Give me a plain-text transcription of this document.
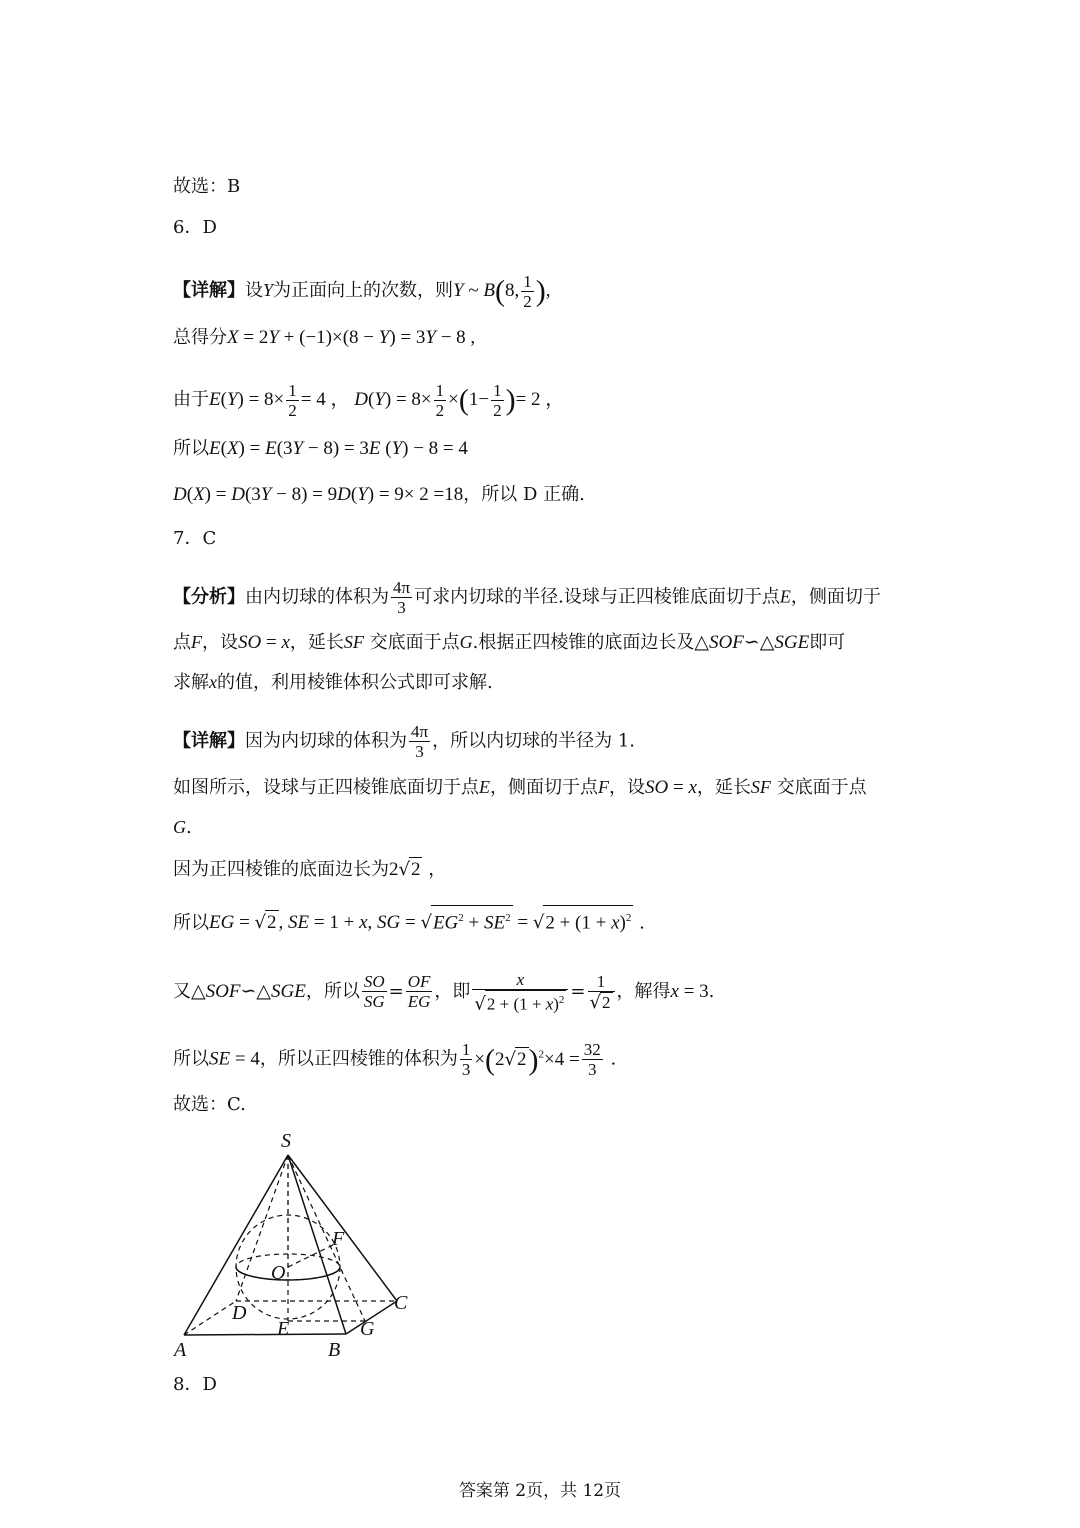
故选：B
6．D
【详解】设Y为正面向上的次数，则Y ~ B(8, $\frac{1}{2}$ ),
总得分X = 2Y + (−1)×(8 − Y) = 3Y − 8 ,
由于$E(Y) = 8\times \frac{1}{2} = 4$ ， $D(Y) = 8\times \frac{1}{2} \times(1- \frac{1}{2}$ )= 2 ，
所以E(X) = E(3Y − 8) = 3E (Y) − 8 = 4
D(X) = D(3Y − 8) = 9D(Y) = 9× 2 =18，所以 D 正确.
7．C
【分析】由内切球的体积为 $\frac{4\pi}{3}$ 可求内切球的半径.设球与正四棱锥底面切于点E，侧面切于
点F，设SO = x，延长SF 交底面于点G.根据正四棱锥的底面边长及△SOF∽△SGE即可
求解x的值，利用棱锥体积公式即可求解.
【详解】因为内切球的体积为 $\frac{4\pi}{3}$ ，所以内切球的半径为 1.
如图所示，设球与正四棱锥底面切于点E，侧面切于点F，设SO = x，延长SF 交底面于点
G.
因为正四棱锥的底面边长为2√2 ，
所以EG = √2 , SE = 1 + x, SG = $√EG^2 + SE^2 = √2 + (1 + x)^2$ .
又△SOF∽△SGE，所以 $\frac{SO}{SG} = \frac{OF}{EG}$ ，即 $\frac{x}{√2 + (1 + x)^2} = \frac{1}{√2}$ ，解得x = 3.
所以SE = 4，所以正四棱锥的体积为 $\frac{1}{3} \times(2√2)^2\times 4 = \frac{32}{3}$ .
故选：C.
S
F
O
C
D
E	G
A	B
8．D
答案第 2页，共 12页
